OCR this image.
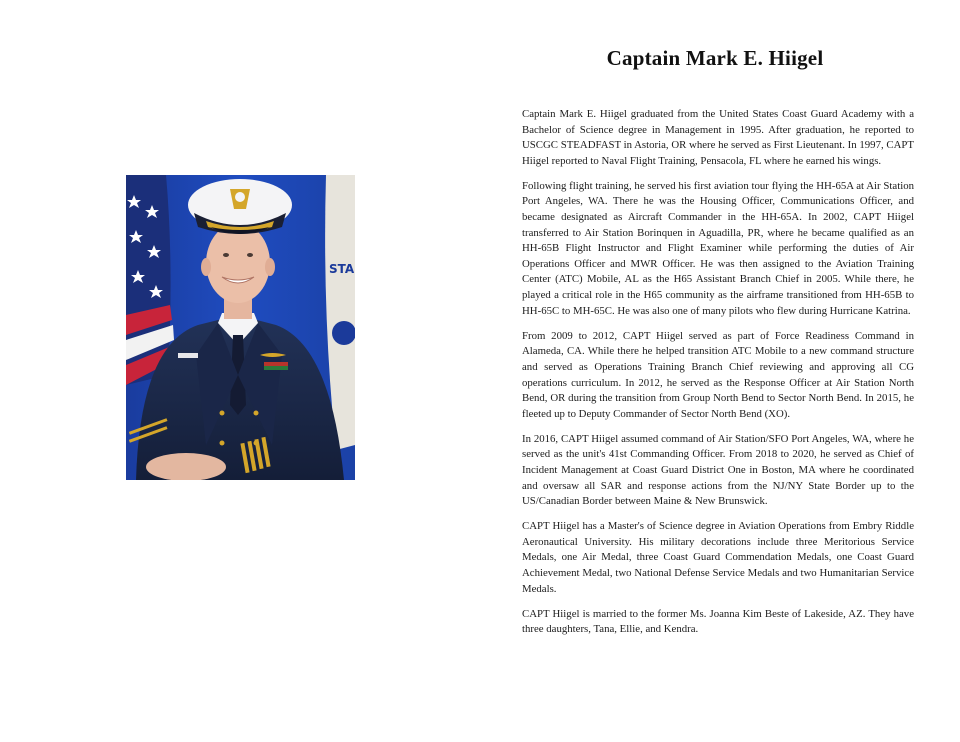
STA
Captain Mark E. Hiigel

Captain Mark E. Hiigel graduated from the United States Coast Guard Academy with a Bachelor of Science degree in Management in 1995. After graduation, he reported to USCGC STEADFAST in Astoria, OR where he served as First Lieutenant. In 1997, CAPT Hiigel reported to Naval Flight Training, Pensacola, FL where he earned his wings.

Following flight training, he served his first aviation tour flying the HH-65A at Air Station Port Angeles, WA. There he was the Housing Officer, Communications Officer, and became designated as Aircraft Commander in the HH-65A. In 2002, CAPT Hiigel transferred to Air Station Borinquen in Aguadilla, PR, where he became qualified as an HH-65B Flight Instructor and Flight Examiner while performing the duties of Air Operations Officer and MWR Officer. He was then assigned to the Aviation Training Center (ATC) Mobile, AL as the H65 Assistant Branch Chief in 2005. While there, he played a critical role in the H65 community as the airframe transitioned from HH-65B to HH-65C to MH-65C. He was also one of many pilots who flew during Hurricane Katrina.

From 2009 to 2012, CAPT Hiigel served as part of Force Readiness Command in Alameda, CA. While there he helped transition ATC Mobile to a new command structure and served as Operations Training Branch Chief reviewing and approving all CG operations curriculum. In 2012, he served as the Response Officer at Air Station North Bend, OR during the transition from Group North Bend to Sector North Bend. In 2015, he fleeted up to Deputy Commander of Sector North Bend (XO).

In 2016, CAPT Hiigel assumed command of Air Station/SFO Port Angeles, WA, where he served as the unit's 41st Commanding Officer. From 2018 to 2020, he served as Chief of Incident Management at Coast Guard District One in Boston, MA where he coordinated and oversaw all SAR and response actions from the NJ/NY State Border up to the US/Canadian Border between Maine & New Brunswick.

CAPT Hiigel has a Master's of Science degree in Aviation Operations from Embry Riddle Aeronautical University. His military decorations include three Meritorious Service Medals, one Air Medal, three Coast Guard Commendation Medals, one Coast Guard Achievement Medal, two National Defense Service Medals and two Humanitarian Service Medals.

CAPT Hiigel is married to the former Ms. Joanna Kim Beste of Lakeside, AZ. They have three daughters, Tana, Ellie, and Kendra.
